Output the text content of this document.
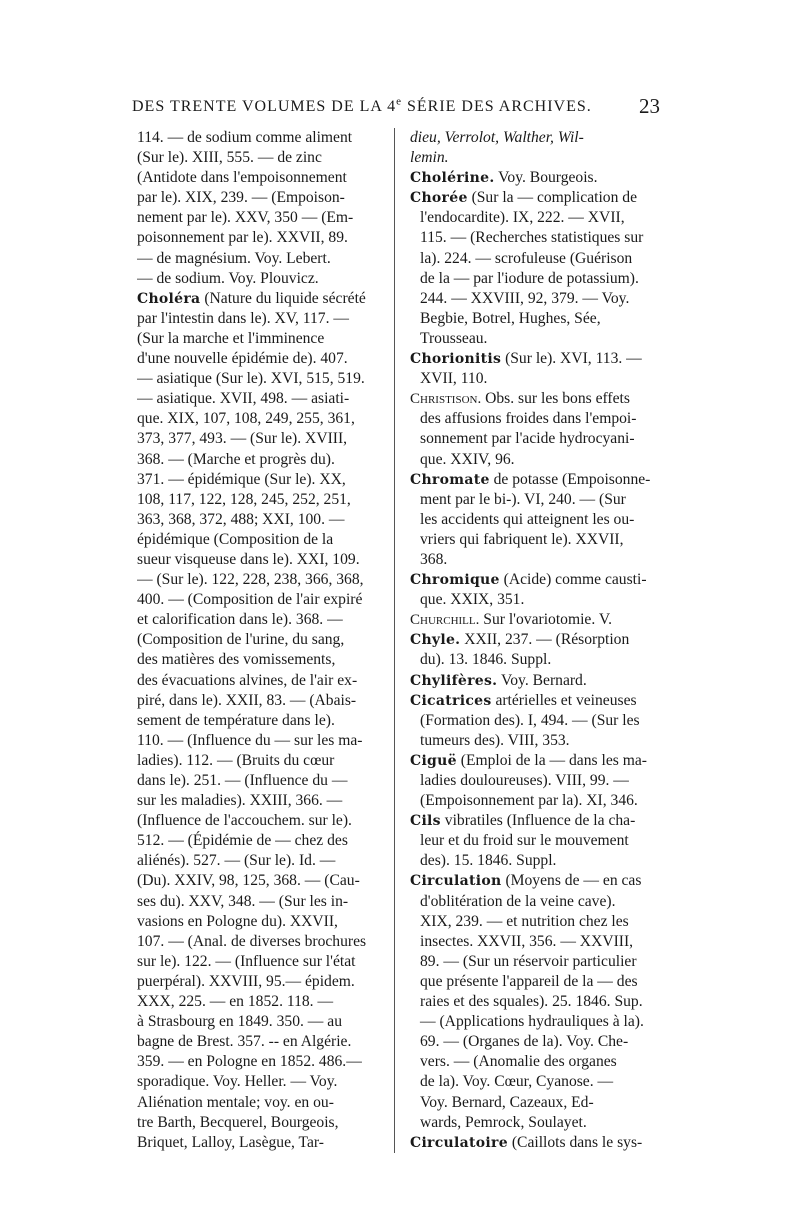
DES TRENTE VOLUMES DE LA 4e SÉRIE DES ARCHIVES. 23
114. — de sodium comme aliment
(Sur le). XIII, 555. — de zinc
(Antidote dans l'empoisonnement
par le). XIX, 239. — (Empoison-
nement par le). XXV, 350 — (Em-
poisonnement par le). XXVII, 89.
— de magnésium. Voy. Lebert.
— de sodium. Voy. Plouvicz.
Choléra (Nature du liquide sécrété
par l'intestin dans le). XV, 117. —
(Sur la marche et l'imminence
d'une nouvelle épidémie de). 407.
— asiatique (Sur le). XVI, 515, 519.
— asiatique. XVII, 498. — asiati-
que. XIX, 107, 108, 249, 255, 361,
373, 377, 493. — (Sur le). XVIII,
368. — (Marche et progrès du).
371. — épidémique (Sur le). XX,
108, 117, 122, 128, 245, 252, 251,
363, 368, 372, 488; XXI, 100. —
épidémique (Composition de la
sueur visqueuse dans le). XXI, 109.
— (Sur le). 122, 228, 238, 366, 368,
400. — (Composition de l'air expiré
et calorification dans le). 368. —
(Composition de l'urine, du sang,
des matières des vomissements,
des évacuations alvines, de l'air ex-
piré, dans le). XXII, 83. — (Abais-
sement de température dans le).
110. — (Influence du — sur les ma-
ladies). 112. — (Bruits du cœur
dans le). 251. — (Influence du —
sur les maladies). XXIII, 366. —
(Influence de l'accouchem. sur le).
512. — (Épidémie de — chez des
aliénés). 527. — (Sur le). Id. —
(Du). XXIV, 98, 125, 368. — (Cau-
ses du). XXV, 348. — (Sur les in-
vasions en Pologne du). XXVII,
107. — (Anal. de diverses brochures
sur le). 122. — (Influence sur l'état
puerpéral). XXVIII, 95.— épidem.
XXX, 225. — en 1852. 118. —
à Strasbourg en 1849. 350. — au
bagne de Brest. 357. -- en Algérie.
359. — en Pologne en 1852. 486.—
sporadique. Voy. Heller. — Voy.
Aliénation mentale; voy. en ou-
tre Barth, Becquerel, Bourgeois,
Briquet, Lalloy, Lasègue, Tar-
dieu, Verrolot, Walther, Wil-
lemin.
Cholérine. Voy. Bourgeois.
Chorée (Sur la — complication de
l'endocardite). IX, 222. — XVII,
115. — (Recherches statistiques sur
la). 224. — scrofuleuse (Guérison
de la — par l'iodure de potassium).
244. — XXVIII, 92, 379. — Voy.
Begbie, Botrel, Hughes, Sée,
Trousseau.
Chorionitis (Sur le). XVI, 113. —
XVII, 110.
Christison. Obs. sur les bons effets
des affusions froides dans l'empoi-
sonnement par l'acide hydrocyani-
que. XXIV, 96.
Chromate de potasse (Empoisonne-
ment par le bi-). VI, 240. — (Sur
les accidents qui atteignent les ou-
vriers qui fabriquent le). XXVII,
368.
Chromique (Acide) comme causti-
que. XXIX, 351.
Churchill. Sur l'ovariotomie. V.
Chyle. XXII, 237. — (Résorption
du). 13. 1846. Suppl.
Chylifères. Voy. Bernard.
Cicatrices artérielles et veineuses
(Formation des). I, 494. — (Sur les
tumeurs des). VIII, 353.
Ciguë (Emploi de la — dans les ma-
ladies douloureuses). VIII, 99. —
(Empoisonnement par la). XI, 346.
Cils vibratiles (Influence de la cha-
leur et du froid sur le mouvement
des). 15. 1846. Suppl.
Circulation (Moyens de — en cas
d'oblitération de la veine cave).
XIX, 239. — et nutrition chez les
insectes. XXVII, 356. — XXVIII,
89. — (Sur un réservoir particulier
que présente l'appareil de la — des
raies et des squales). 25. 1846. Sup.
— (Applications hydrauliques à la).
69. — (Organes de la). Voy. Che-
vers. — (Anomalie des organes
de la). Voy. Cœur, Cyanose. —
Voy. Bernard, Cazeaux, Ed-
wards, Pemrock, Soulayet.
Circulatoire (Caillots dans le sys-
